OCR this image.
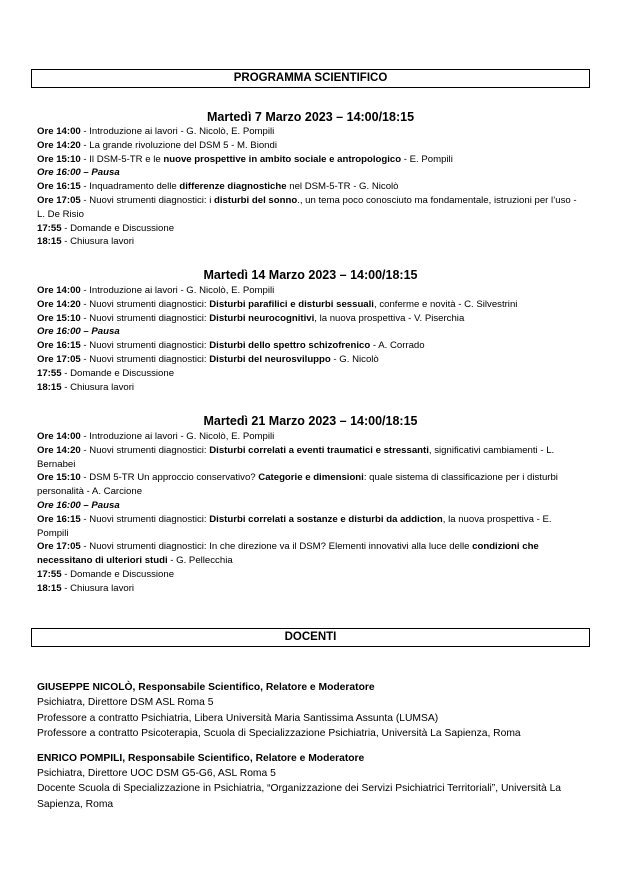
PROGRAMMA SCIENTIFICO
Martedì 7 Marzo 2023 – 14:00/18:15
Ore 14:00 - Introduzione ai lavori - G. Nicolò, E. Pompili
Ore 14:20 - La grande rivoluzione del DSM 5 - M. Biondi
Ore 15:10 - Il DSM-5-TR e le nuove prospettive in ambito sociale e antropologico - E. Pompili
Ore 16:00 – Pausa
Ore 16:15 - Inquadramento delle differenze diagnostiche nel DSM-5-TR - G. Nicolò
Ore 17:05 - Nuovi strumenti diagnostici: i disturbi del sonno., un tema poco conosciuto ma fondamentale, istruzioni per l’uso - L. De Risio
17:55 - Domande e Discussione
18:15 - Chiusura lavori
Martedì 14 Marzo 2023 – 14:00/18:15
Ore 14:00 - Introduzione ai lavori - G. Nicolò, E. Pompili
Ore 14:20 - Nuovi strumenti diagnostici: Disturbi parafilici e disturbi sessuali, conferme e novità - C. Silvestrini
Ore 15:10 - Nuovi strumenti diagnostici: Disturbi neurocognitivi, la nuova prospettiva - V. Piserchia
Ore 16:00 – Pausa
Ore 16:15 - Nuovi strumenti diagnostici: Disturbi dello spettro schizofrenico - A. Corrado
Ore 17:05 - Nuovi strumenti diagnostici: Disturbi del neurosviluppo - G. Nicolò
17:55 - Domande e Discussione
18:15 - Chiusura lavori
Martedì 21 Marzo 2023 – 14:00/18:15
Ore 14:00 - Introduzione ai lavori - G. Nicolò, E. Pompili
Ore 14:20 - Nuovi strumenti diagnostici: Disturbi correlati a eventi traumatici e stressanti, significativi cambiamenti - L. Bernabei
Ore 15:10 - DSM 5-TR Un approccio conservativo? Categorie e dimensioni: quale sistema di classificazione per i disturbi personalità - A. Carcione
Ore 16:00 – Pausa
Ore 16:15 - Nuovi strumenti diagnostici: Disturbi correlati a sostanze e disturbi da addiction, la nuova prospettiva - E. Pompili
Ore 17:05 - Nuovi strumenti diagnostici: In che direzione va il DSM? Elementi innovativi alla luce delle condizioni che necessitano di ulteriori studi - G. Pellecchia
17:55 - Domande e Discussione
18:15 - Chiusura lavori
DOCENTI
GIUSEPPE NICOLÒ, Responsabile Scientifico, Relatore e Moderatore
Psichiatra, Direttore DSM ASL Roma 5
Professore a contratto Psichiatria, Libera Università Maria Santissima Assunta (LUMSA)
Professore a contratto Psicoterapia, Scuola di Specializzazione Psichiatria, Università La Sapienza, Roma
ENRICO POMPILI, Responsabile Scientifico, Relatore e Moderatore
Psichiatra, Direttore UOC DSM G5-G6, ASL Roma 5
Docente Scuola di Specializzazione in Psichiatria, “Organizzazione dei Servizi Psichiatrici Territoriali”, Università La Sapienza, Roma
